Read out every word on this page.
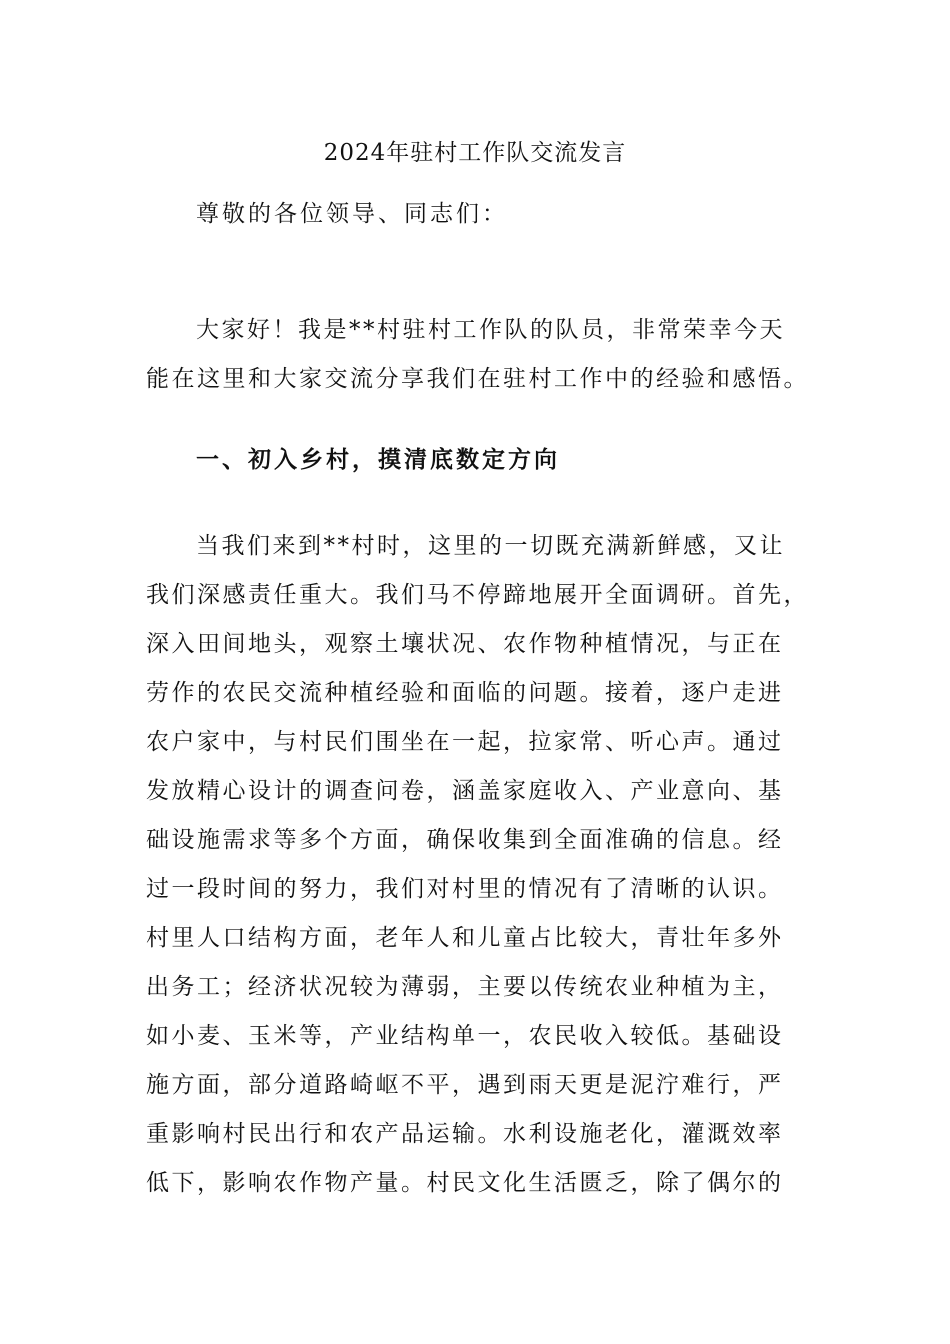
2024年驻村工作队交流发言
尊敬的各位领导、同志们：
大家好！我是**村驻村工作队的队员，非常荣幸今天
能在这里和大家交流分享我们在驻村工作中的经验和感悟。
一、初入乡村，摸清底数定方向
当我们来到**村时，这里的一切既充满新鲜感，又让
我们深感责任重大。我们马不停蹄地展开全面调研。首先，
深入田间地头，观察土壤状况、农作物种植情况，与正在
劳作的农民交流种植经验和面临的问题。接着，逐户走进
农户家中，与村民们围坐在一起，拉家常、听心声。通过
发放精心设计的调查问卷，涵盖家庭收入、产业意向、基
础设施需求等多个方面，确保收集到全面准确的信息。经
过一段时间的努力，我们对村里的情况有了清晰的认识。
村里人口结构方面，老年人和儿童占比较大，青壮年多外
出务工；经济状况较为薄弱，主要以传统农业种植为主，
如小麦、玉米等，产业结构单一，农民收入较低。基础设
施方面，部分道路崎岖不平，遇到雨天更是泥泞难行，严
重影响村民出行和农产品运输。水利设施老化，灌溉效率
低下，影响农作物产量。村民文化生活匮乏，除了偶尔的
